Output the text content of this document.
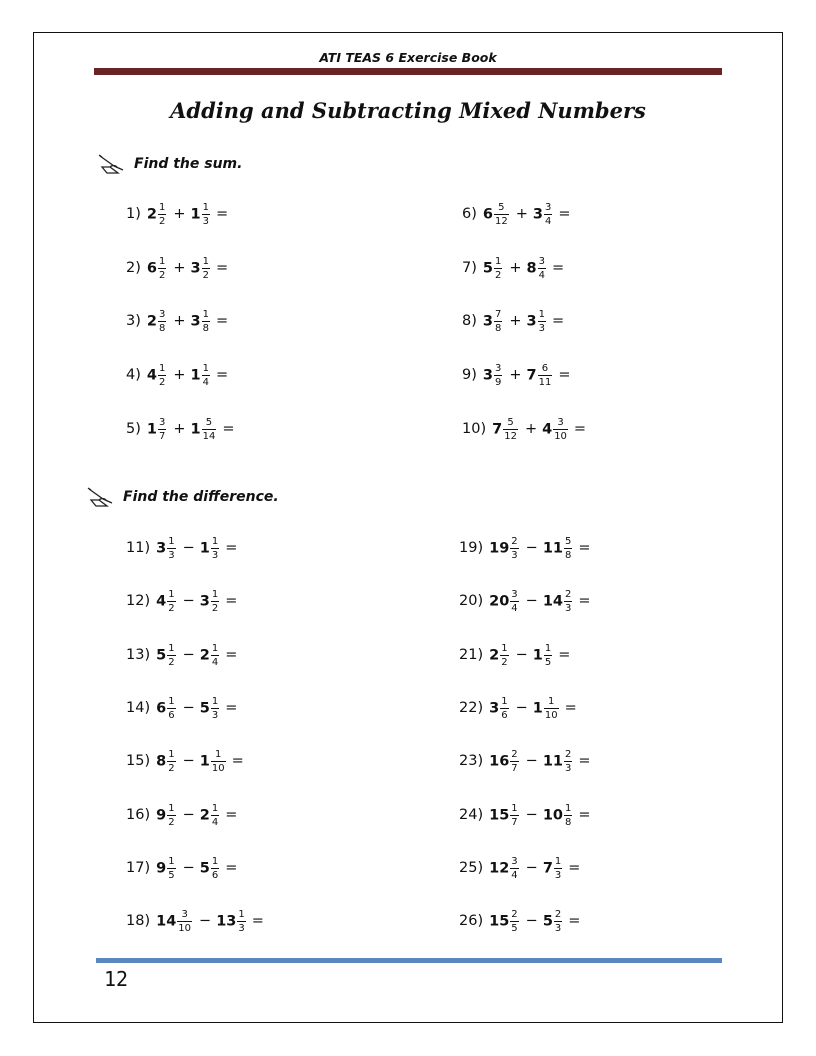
ATI TEAS 6 Exercise Book
Adding and Subtracting Mixed Numbers
Find the sum.
Find the difference.
1) $2 \frac{1}{2} + 1 \frac{1}{3}$ =
2) $6 \frac{1}{2} + 3 \frac{1}{2}$ =
3) $2 \frac{3}{8} + 3 \frac{1}{8}$ =
4) $4 \frac{1}{2} + 1 \frac{1}{4}$ =
5) $1 \frac{3}{7} + 1 \frac{5}{14}$ =
6) $6 \frac{5}{12} + 3 \frac{3}{4}$ =
7) $5 \frac{1}{2} + 8 \frac{3}{4}$ =
8) $3 \frac{7}{8} + 3 \frac{1}{3}$ =
9) $3 \frac{3}{9} + 7 \frac{6}{11}$ =
10) $7 \frac{5}{12} + 4 \frac{3}{10}$ =
11) $3 \frac{1}{3} - 1 \frac{1}{3}$ =
12) $4 \frac{1}{2} - 3 \frac{1}{2}$ =
13) $5 \frac{1}{2} - 2 \frac{1}{4}$ =
14) $6 \frac{1}{6} - 5 \frac{1}{3}$ =
15) $8 \frac{1}{2} - 1 \frac{1}{10}$ =
16) $9 \frac{1}{2} - 2 \frac{1}{4}$ =
17) $9 \frac{1}{5} - 5 \frac{1}{6}$ =
18) $14 \frac{3}{10} - 13 \frac{1}{3}$ =
19) $19 \frac{2}{3} - 11 \frac{5}{8}$ =
20) $20 \frac{3}{4} - 14 \frac{2}{3}$ =
21) $2 \frac{1}{2} - 1 \frac{1}{5}$ =
22) $3 \frac{1}{6} - 1 \frac{1}{10}$ =
23) $16 \frac{2}{7} - 11 \frac{2}{3}$ =
24) $15 \frac{1}{7} - 10 \frac{1}{8}$ =
25) $12 \frac{3}{4} - 7 \frac{1}{3}$ =
26) $15 \frac{2}{5} - 5 \frac{2}{3}$ =
12
